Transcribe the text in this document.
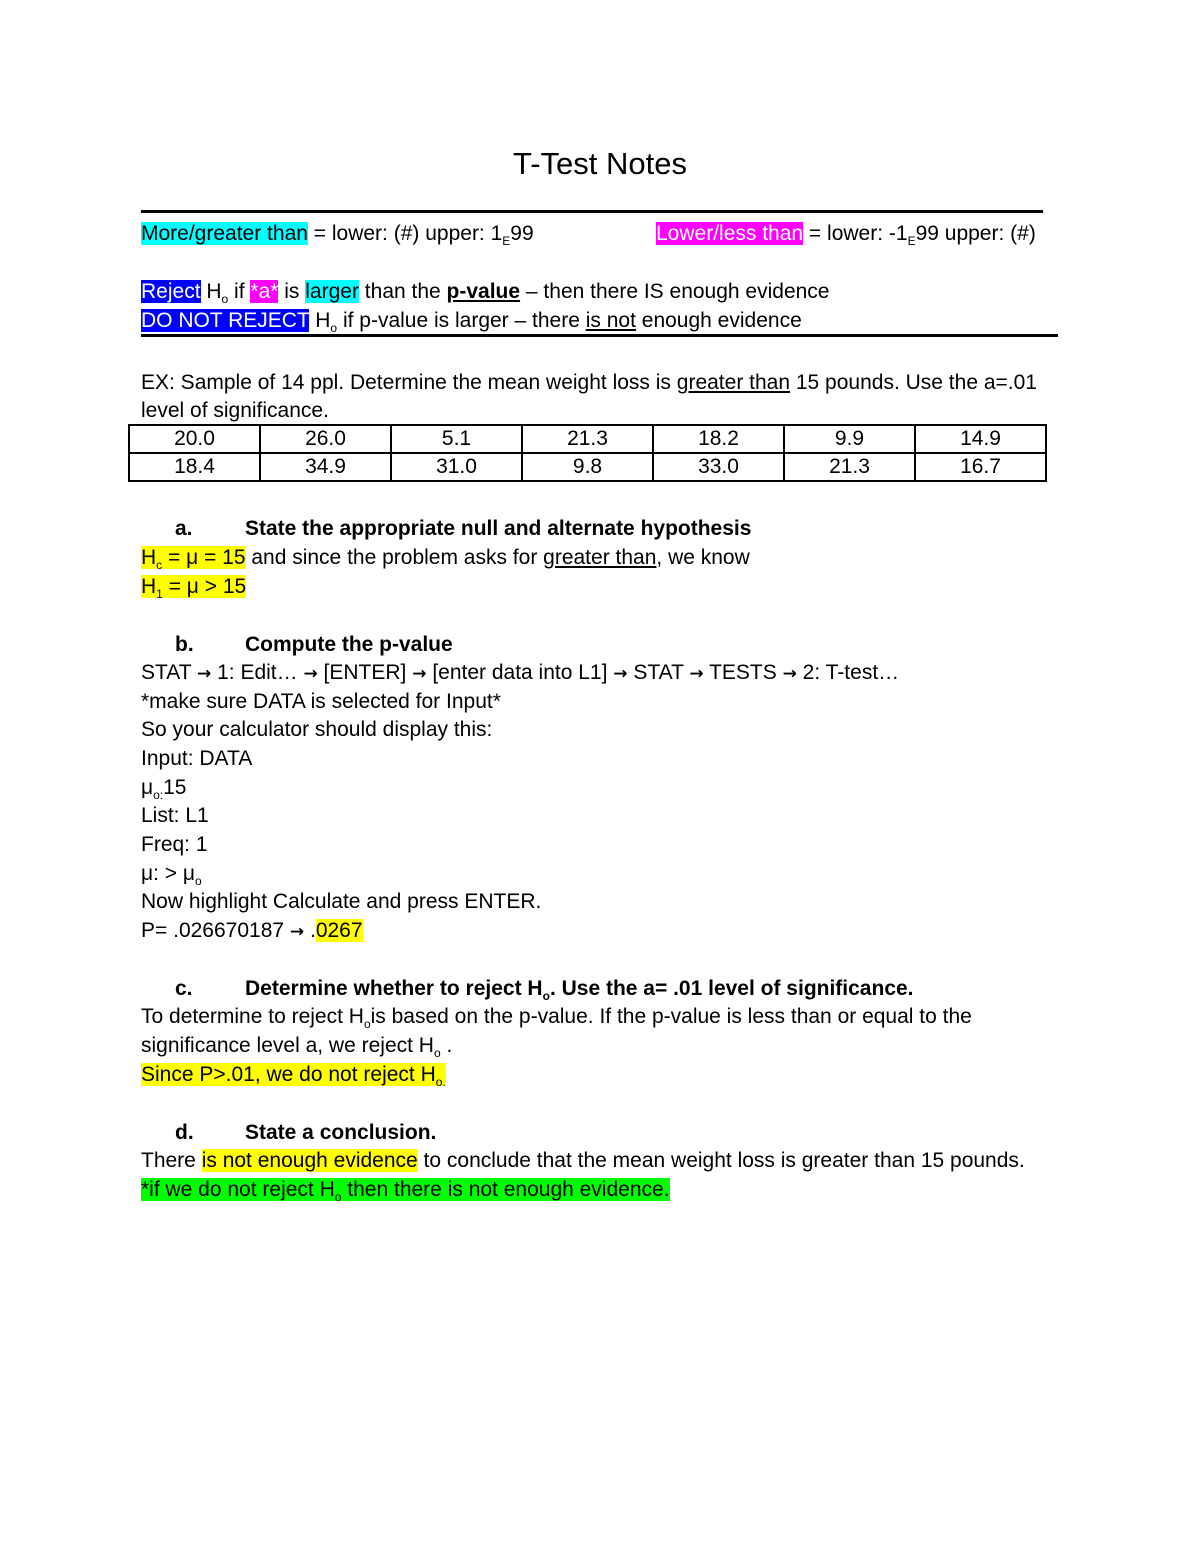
T-Test Notes
More/greater than = lower: (#) upper: $1_E99$	Lower/less than = lower: $-1_E99$ upper: (#)
Reject $H_o$ if *a* is larger than the p-value – then there IS enough evidence
DO NOT REJECT $H_o$ if p-value is larger – there is not enough evidence
EX: Sample of 14 ppl. Determine the mean weight loss is greater than 15 pounds. Use the a=.01
level of significance.
20.0	26.0	5.1	21.3	18.2	9.9	14.9
18.4	34.9	31.0	9.8	33.0	21.3	16.7
a. State the appropriate null and alternate hypothesis
$H_c = \mu = 15$ and since the problem asks for greater than, we know
$H_1 = \mu > 15$
b. Compute the p-value
STAT → 1: Edit… → [ENTER] → [enter data into L1] → STAT → TESTS → 2: T-test…
*make sure DATA is selected for Input*
So your calculator should display this:
Input: DATA
$\mu_{o:}15$
List: L1
Freq: 1
μ: > $\mu_o$
Now highlight Calculate and press ENTER.
P= .026670187 → .0267
c. Determine whether to reject $H_o$. Use the a= .01 level of significance.
To determine to reject $H_ois$ based on the p-value. If the p-value is less than or equal to the
significance level a, we reject $H_o$ .
Since P>.01, we do not reject $H_{o.}$
d. State a conclusion.
There is not enough evidence to conclude that the mean weight loss is greater than 15 pounds.
*if we do not reject $H_o$ then there is not enough evidence.
